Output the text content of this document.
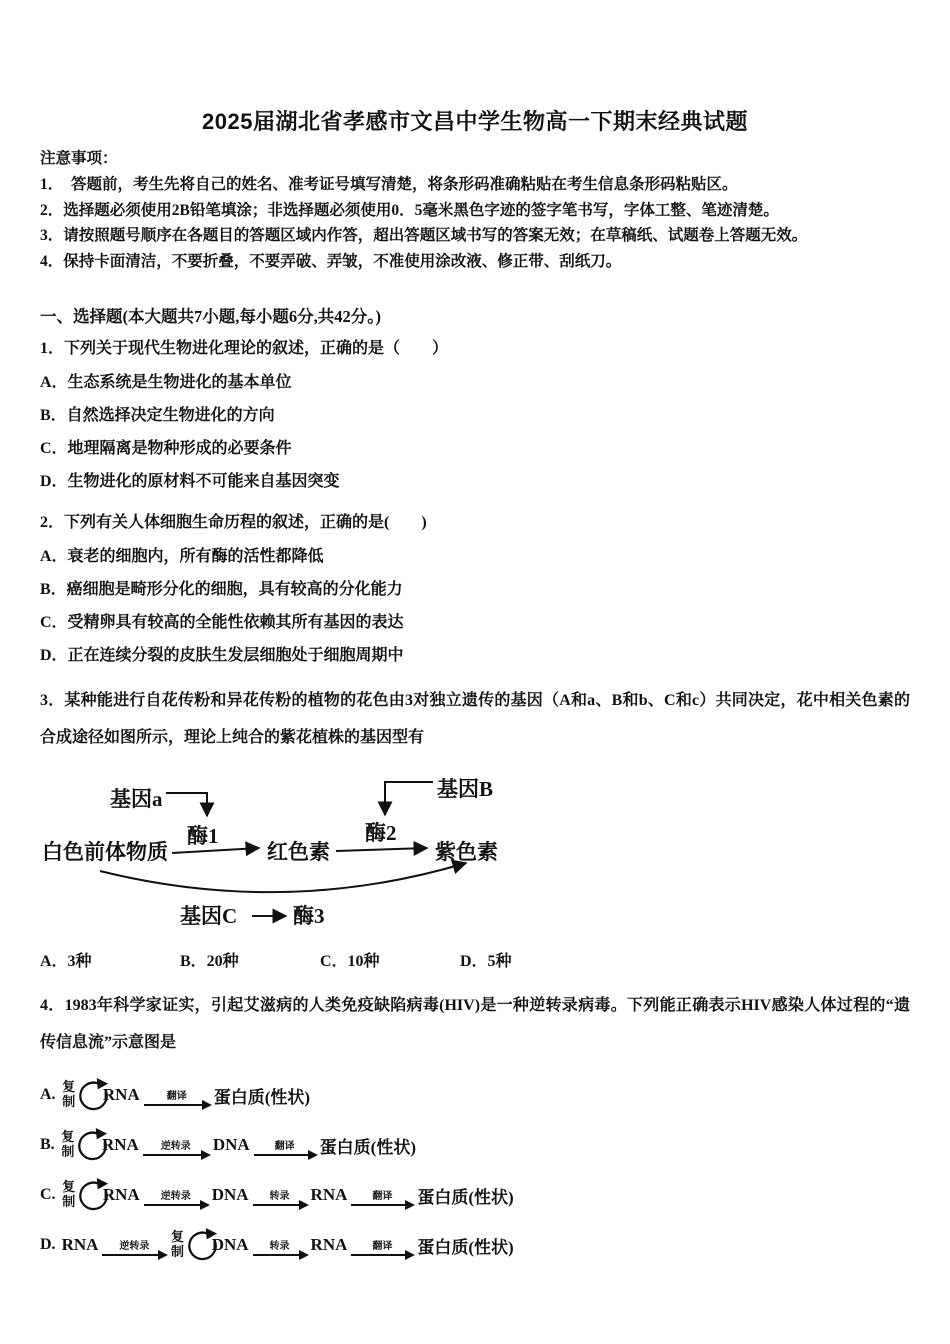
2025届湖北省孝感市文昌中学生物高一下期末经典试题
注意事项：
1．　答题前，考生先将自己的姓名、准考证号填写清楚，将条形码准确粘贴在考生信息条形码粘贴区。
2．选择题必须使用2B铅笔填涂；非选择题必须使用0．5毫米黑色字迹的签字笔书写，字体工整、笔迹清楚。
3．请按照题号顺序在各题目的答题区域内作答，超出答题区域书写的答案无效；在草稿纸、试题卷上答题无效。
4．保持卡面清洁，不要折叠，不要弄破、弄皱，不准使用涂改液、修正带、刮纸刀。
一、选择题(本大题共7小题,每小题6分,共42分。)

1．下列关于现代生物进化理论的叙述，正确的是（　　）

A．生态系统是生物进化的基本单位

B．自然选择决定生物进化的方向

C．地理隔离是物种形成的必要条件

D．生物进化的原材料不可能来自基因突变

2．下列有关人体细胞生命历程的叙述，正确的是(　　)

A．衰老的细胞内，所有酶的活性都降低

B．癌细胞是畸形分化的细胞，具有较高的分化能力

C．受精卵具有较高的全能性依赖其所有基因的表达

D．正在连续分裂的皮肤生发层细胞处于细胞周期中

3．某种能进行自花传粉和异花传粉的植物的花色由3对独立遗传的基因（A和a、B和b、C和c）共同决定，花中相关色素的合成途径如图所示，理论上纯合的紫花植株的基因型有

基因a	基因B
白色前体物质
酶1
红色素
酶2
紫色素
基因C	酶3
A．3种	B．20种	C．10种	D．5种

4．1983年科学家证实，引起艾滋病的人类免疫缺陷病毒(HIV)是一种逆转录病毒。下列能正确表示HIV感染人体过程的“遗传信息流”示意图是

A. 复制 RNA	翻译 蛋白质(性状)
B. 复制 RNA 逆转录 DNA	翻译 蛋白质(性状)
C. 复制 RNA 逆转录 DNA 转录 RNA	翻译 蛋白质(性状)
D. RNA 逆转录
复制 DNA 转录 RNA	翻译 蛋白质(性状)
